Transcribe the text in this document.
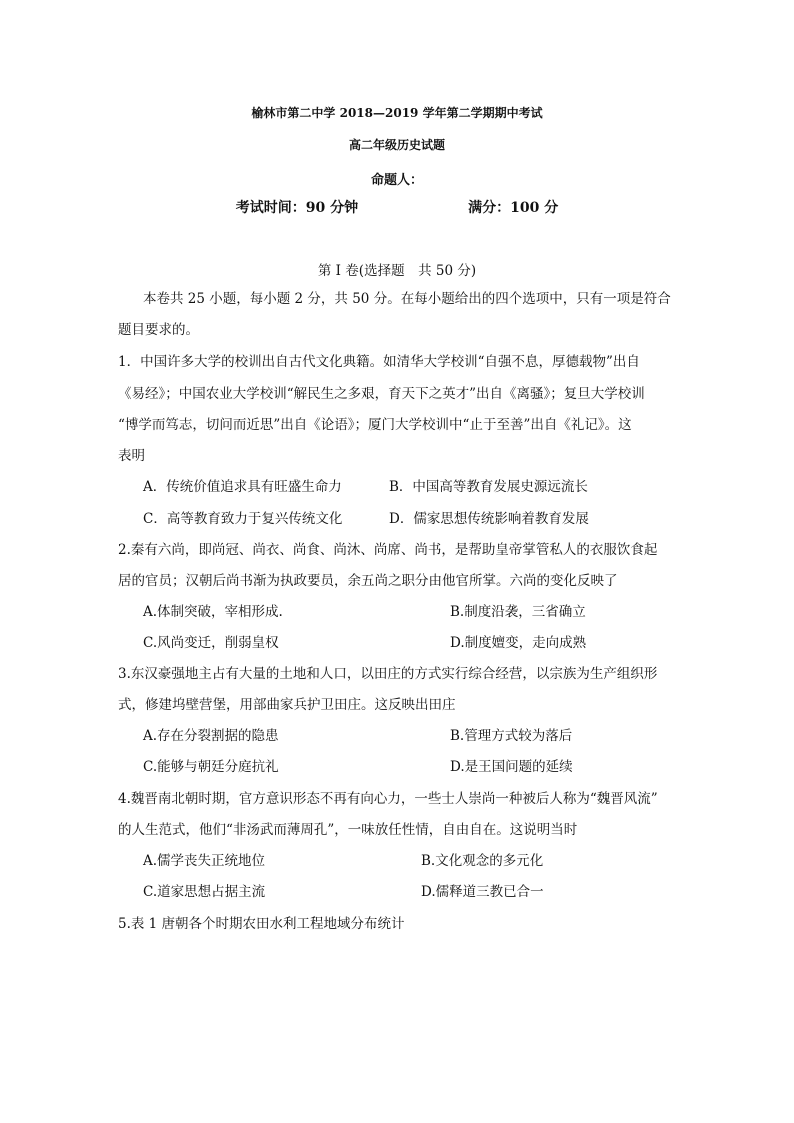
榆林市第二中学 2018—2019 学年第二学期期中考试
高二年级历史试题
命题人：
考试时间：90 分钟	满分：100 分
第 I 卷(选择题　共 50 分)
本卷共 25 小题，每小题 2 分，共 50 分。在每小题给出的四个选项中，只有一项是符合
题目要求的。
1．中国许多大学的校训出自古代文化典籍。如清华大学校训“自强不息，厚德载物”出自
《易经》；中国农业大学校训“解民生之多艰，育天下之英才”出自《离骚》；复旦大学校训
“博学而笃志，切问而近思”出自《论语》；厦门大学校训中“止于至善”出自《礼记》。这
表明
A．传统价值追求具有旺盛生命力	B．中国高等教育发展史源远流长
C．高等教育致力于复兴传统文化	D．儒家思想传统影响着教育发展
2.秦有六尚，即尚冠、尚衣、尚食、尚沐、尚席、尚书，是帮助皇帝掌管私人的衣服饮食起
居的官员；汉朝后尚书渐为执政要员，余五尚之职分由他官所掌。六尚的变化反映了
A.体制突破，宰相形成.	B.制度沿袭，三省确立
C.风尚变迁，削弱皇权	D.制度嬗变，走向成熟
3.东汉豪强地主占有大量的土地和人口，以田庄的方式实行综合经营，以宗族为生产组织形
式，修建坞壁营堡，用部曲家兵护卫田庄。这反映出田庄
A.存在分裂割据的隐患	B.管理方式较为落后
C.能够与朝廷分庭抗礼	D.是王国问题的延续
4.魏晋南北朝时期，官方意识形态不再有向心力，一些士人崇尚一种被后人称为“魏晋风流”
的人生范式，他们“非汤武而薄周孔”，一味放任性情，自由自在。这说明当时
A.儒学丧失正统地位	B.文化观念的多元化
C.道家思想占据主流	D.儒释道三教已合一
5.表 1 唐朝各个时期农田水利工程地域分布统计
